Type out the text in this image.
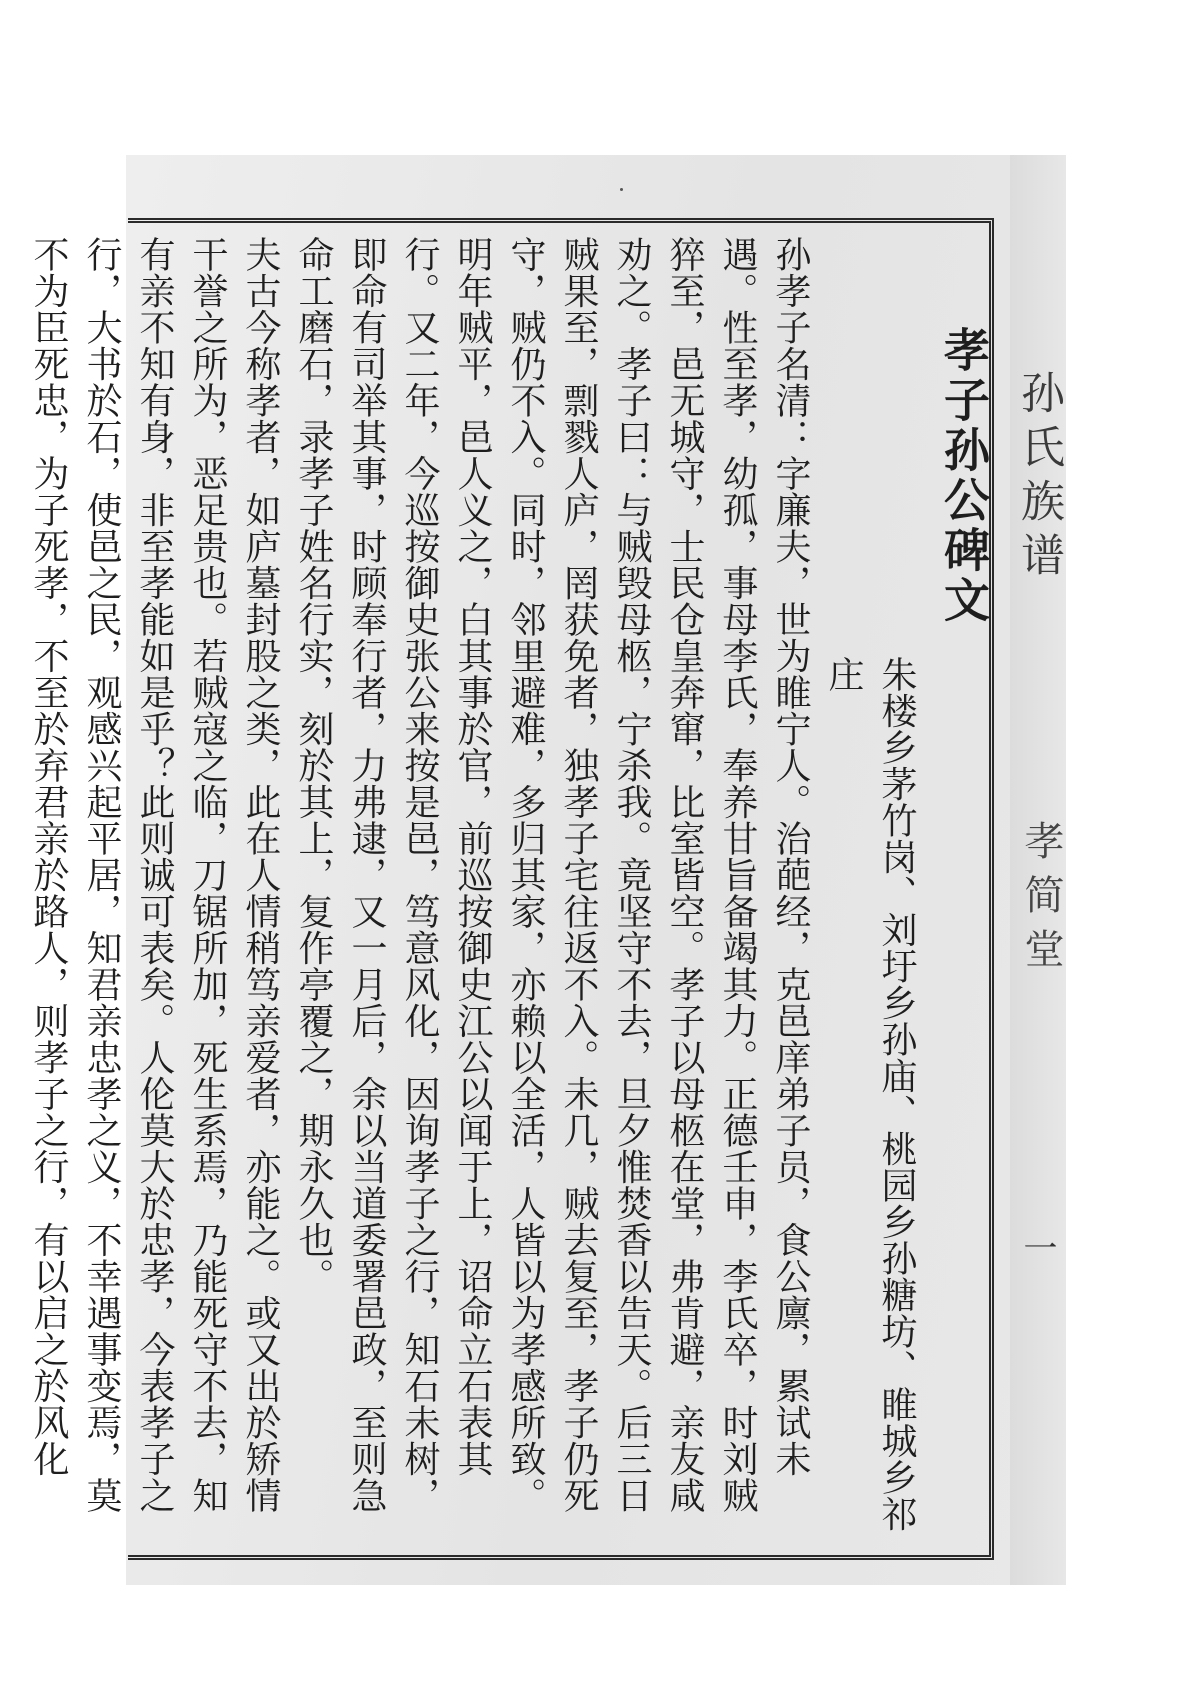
孙氏族谱
孝简堂
一
孝子孙公碑文
朱楼乡茅竹岗、刘圩乡孙庙、桃园乡孙糖坊、睢城乡祁庄
孙孝子名清：字廉夫，世为睢宁人。治葩经，克邑庠弟子员，食公廪，累试未遇。性至孝，幼孤，事母李氏，奉养甘旨备竭其力。正德壬申，李氏卒，时刘贼猝至，邑无城守，士民仓皇奔窜，比室皆空。孝子以母柩在堂，弗肯避，亲友咸劝之。孝子曰：与贼毁母柩，宁杀我。竟坚守不去，旦夕惟焚香以告天。后三日贼果至，剽戮人庐，罔获免者，独孝子宅往返不入。未几，贼去复至，孝子仍死守，贼仍不入。同时，邻里避难，多归其家，亦赖以全活，人皆以为孝感所致。明年贼平，邑人义之，白其事於官，前巡按御史江公以闻于上，诏命立石表其行。又二年，今巡按御史张公来按是邑，笃意风化，因询孝子之行，知石未树，即命有司举其事，时顾奉行者，力弗逮，又一月后，余以当道委署邑政，至则急命工磨石，录孝子姓名行实，刻於其上，复作亭覆之，期永久也。
夫古今称孝者，如庐墓封股之类，此在人情稍笃亲爱者，亦能之。或又出於矫情干誉之所为，恶足贵也。若贼寇之临，刀锯所加，死生系焉，乃能死守不去，知有亲不知有身，非至孝能如是乎？此则诚可表矣。人伦莫大於忠孝，今表孝子之行，大书於石，使邑之民，观感兴起平居，知君亲忠孝之义，不幸遇事变焉，莫不为臣死忠，为子死孝，不至於弃君亲於路人，则孝子之行，有以启之於风化
